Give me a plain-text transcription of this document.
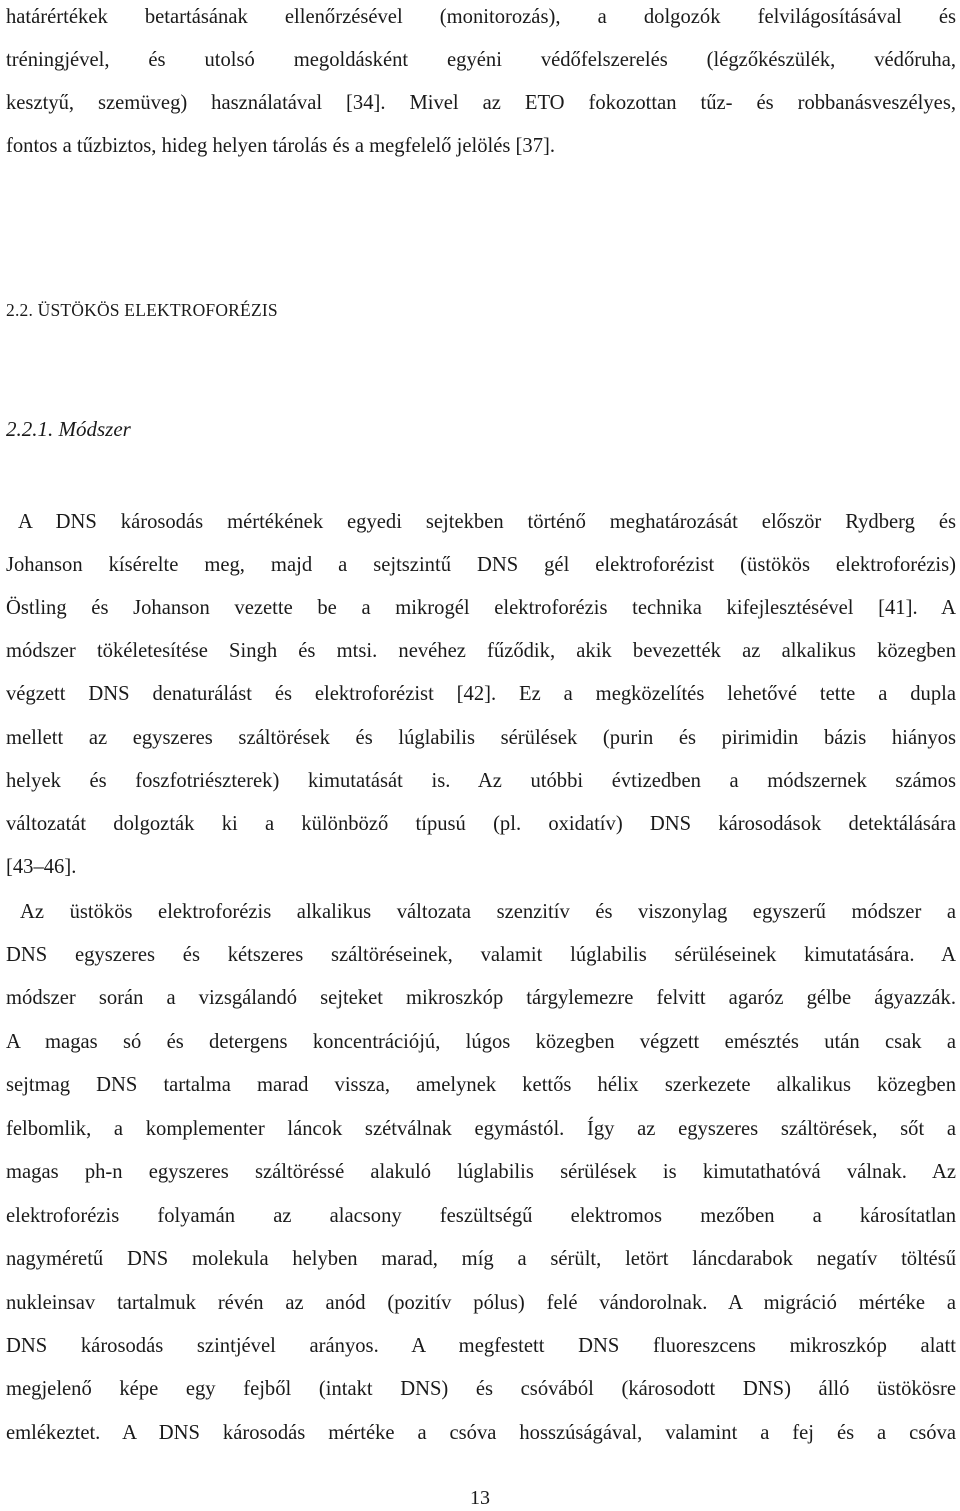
határértékek betartásának ellenőrzésével (monitorozás), a dolgozók felvilágosításával és
tréningjével, és utolsó megoldásként egyéni védőfelszerelés (légzőkészülék, védőruha,
kesztyű, szemüveg) használatával [34]. Mivel az ETO fokozottan tűz- és robbanásveszélyes,
fontos a tűzbiztos, hideg helyen tárolás és a megfelelő jelölés [37].
2.2. ÜSTÖKÖS ELEKTROFORÉZIS
2.2.1. Módszer
A DNS károsodás mértékének egyedi sejtekben történő meghatározását először Rydberg és
Johanson kísérelte meg, majd a sejtszintű DNS gél elektroforézist (üstökös elektroforézis)
Östling és Johanson vezette be a mikrogél elektroforézis technika kifejlesztésével [41]. A
módszer tökéletesítése Singh és mtsi. nevéhez fűződik, akik bevezették az alkalikus közegben
végzett DNS denaturálást és elektroforézist [42]. Ez a megközelítés lehetővé tette a dupla
mellett az egyszeres száltörések és lúglabilis sérülések (purin és pirimidin bázis hiányos
helyek és foszfotriészterek) kimutatását is. Az utóbbi évtizedben a módszernek számos
változatát dolgozták ki a különböző típusú (pl. oxidatív) DNS károsodások detektálására
[43–46].
Az üstökös elektroforézis alkalikus változata szenzitív és viszonylag egyszerű módszer a
DNS egyszeres és kétszeres száltöréseinek, valamit lúglabilis sérüléseinek kimutatására. A
módszer során a vizsgálandó sejteket mikroszkóp tárgylemezre felvitt agaróz gélbe ágyazzák.
A magas só és detergens koncentrációjú, lúgos közegben végzett emésztés után csak a
sejtmag DNS tartalma marad vissza, amelynek kettős hélix szerkezete alkalikus közegben
felbomlik, a komplementer láncok szétválnak egymástól. Így az egyszeres száltörések, sőt a
magas ph-n egyszeres száltöréssé alakuló lúglabilis sérülések is kimutathatóvá válnak. Az
elektroforézis folyamán az alacsony feszültségű elektromos mezőben a károsítatlan
nagyméretű DNS molekula helyben marad, míg a sérült, letört láncdarabok negatív töltésű
nukleinsav tartalmuk révén az anód (pozitív pólus) felé vándorolnak. A migráció mértéke a
DNS károsodás szintjével arányos. A megfestett DNS fluoreszcens mikroszkóp alatt
megjelenő képe egy fejből (intakt DNS) és csóvából (károsodott DNS) álló üstökösre
emlékeztet. A DNS károsodás mértéke a csóva hosszúságával, valamint a fej és a csóva
13
